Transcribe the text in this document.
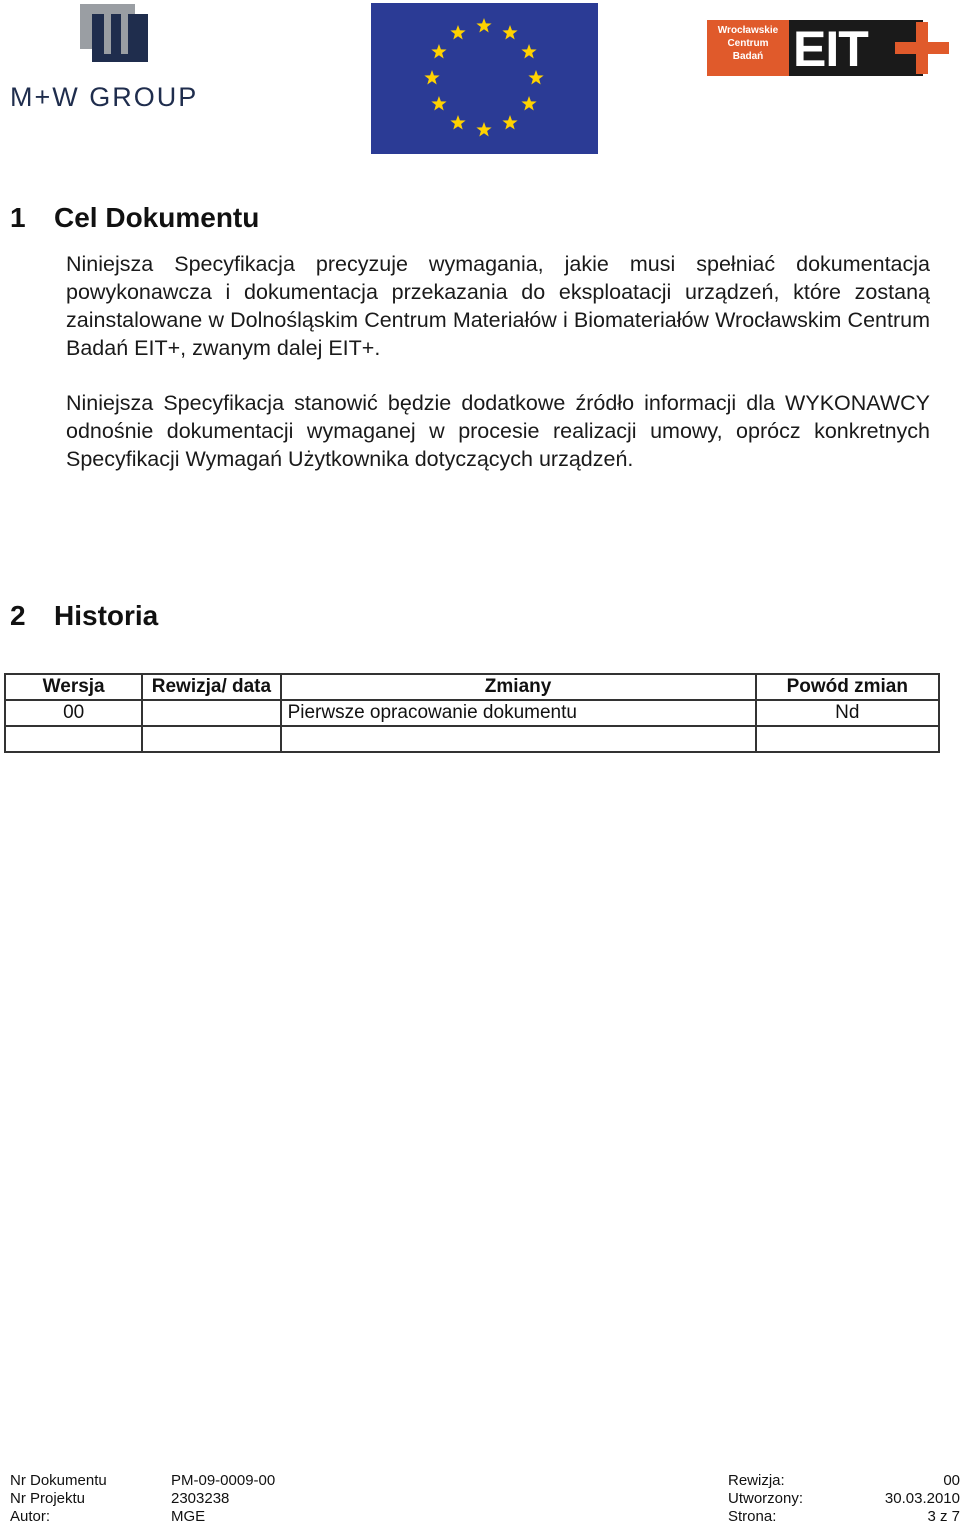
M+W GROUP
Wrocławskie
Centrum
Badań EIT
1 Cel Dokumentu
Niniejsza Specyfikacja precyzuje wymagania, jakie musi spełniać dokumentacja powykonawcza i dokumentacja przekazania do eksploatacji urządzeń, które zostaną zainstalowane w Dolnośląskim Centrum Materiałów i Biomateriałów Wrocławskim Centrum Badań EIT+, zwanym dalej EIT+.
Niniejsza Specyfikacja stanowić będzie dodatkowe źródło informacji dla WYKONAWCY odnośnie dokumentacji wymaganej w procesie realizacji umowy, oprócz konkretnych Specyfikacji Wymagań Użytkownika dotyczących urządzeń.
2 Historia
Wersja	Rewizja/ data	Zmiany	Powód zmian
00		Pierwsze opracowanie dokumentu	Nd

Nr Dokumentu	PM-09-0009-00	Rewizja:	00
Nr Projektu	2303238	Utworzony:	30.03.2010
Autor:	MGE	Strona:	3 z 7
